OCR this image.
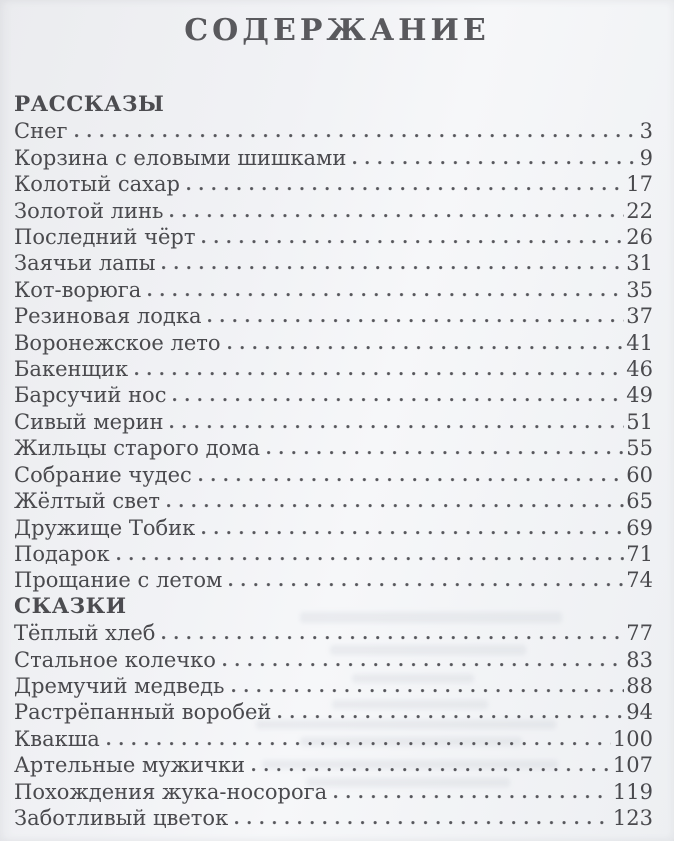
СОДЕРЖАНИЕ
РАССКАЗЫ
Снег	3
Корзина с еловыми шишками	9
Колотый сахар	17
Золотой линь	22
Последний чёрт	26
Заячьи лапы	31
Кот-ворюга	35
Резиновая лодка	37
Воронежское лето	41
Бакенщик	46
Барсучий нос	49
Сивый мерин	51
Жильцы старого дома	55
Собрание чудес	60
Жёлтый свет	65
Дружище Тобик	69
Подарок	71
Прощание с летом	74
СКАЗКИ
Тёплый хлеб	77
Стальное колечко	83
Дремучий медведь	88
Растрёпанный воробей	94
Квакша	100
Артельные мужички	107
Похождения жука-носорога	119
Заботливый цветок	123
